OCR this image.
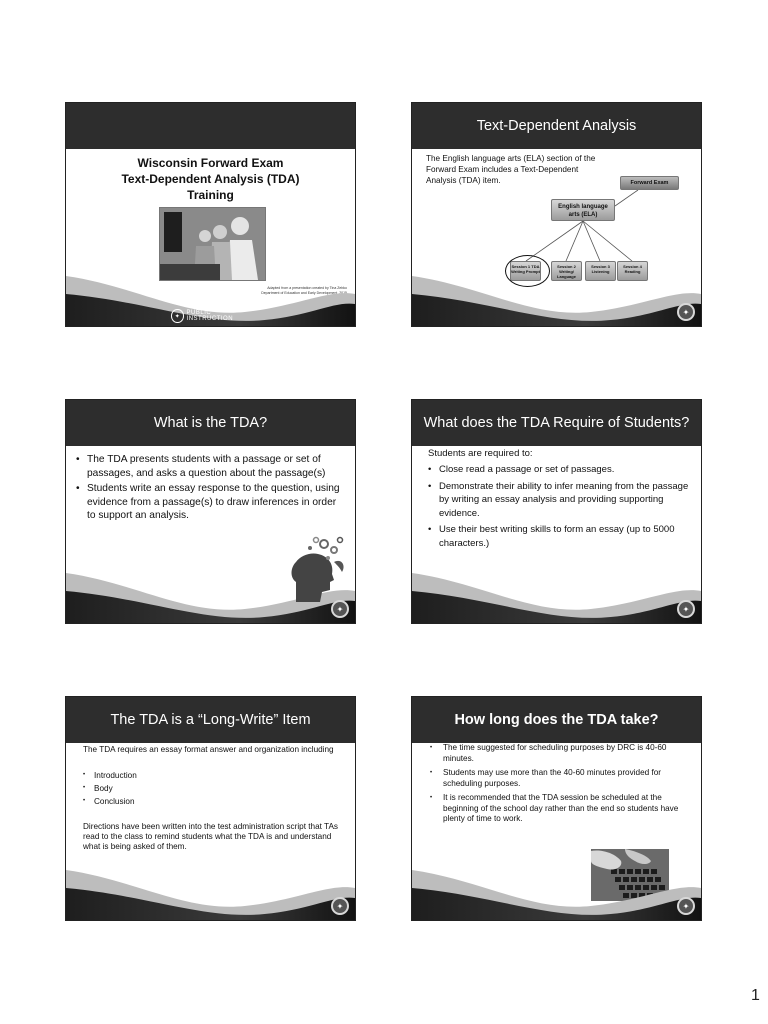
Wisconsin Forward Exam
Text-Dependent Analysis (TDA)
Training
Adapted from a presentation created by Tina Zebko
Department of Education and Early Development, 2015
✦
PUBLIC INSTRUCTION
Text-Dependent Analysis
The English language arts (ELA) section of the Forward Exam includes a Text-Dependent Analysis (TDA) item.	Forward Exam
English language arts (ELA)
Session 1 TDA Writing Prompt
Session 2 Writing/ Language
Session 3 Listening
Session 4 Reading
✦
What is the TDA?
• The TDA presents students with a passage or set of passages, and asks a question about the passage(s)
• Students write an essay response to the question, using evidence from a passage(s) to draw inferences in order to support an analysis.
✦
What does the TDA Require of Students?
Students are required to:
• Close read a passage or set of passages.
• Demonstrate their ability to infer meaning from the passage by writing an essay analysis and providing supporting evidence.
• Use their best writing skills to form an essay (up to 5000 characters.)
✦
The TDA is a “Long-Write” Item
The TDA requires an essay format answer and organization including
• Introduction
• Body
• Conclusion
Directions have been written into the test administration script that TAs read to the class to remind students what the TDA is and understand what is being asked of them.
✦
How long does the TDA take?
• The time suggested for scheduling purposes by DRC is 40-60 minutes.
• Students may use more than the 40-60 minutes provided for scheduling purposes.
• It is recommended that the TDA session be scheduled at the beginning of the school day rather than the end so students have plenty of time to work.
✦
1
